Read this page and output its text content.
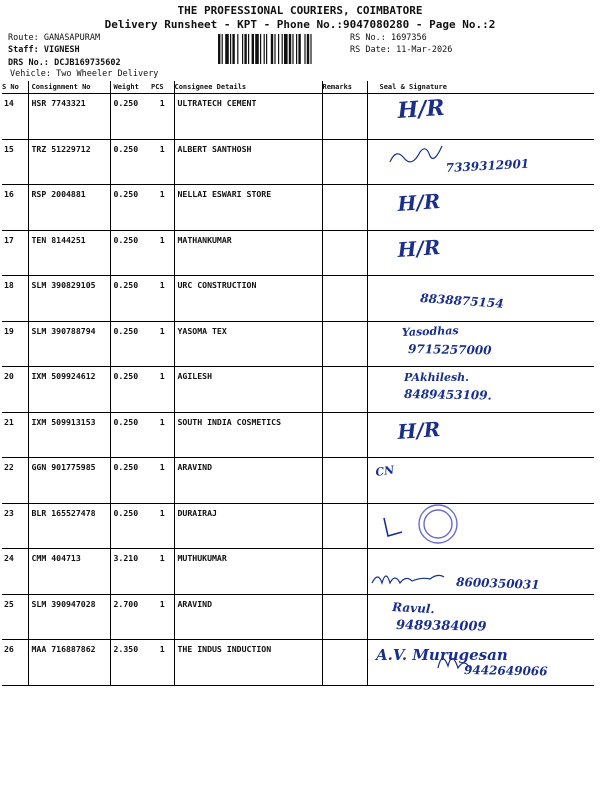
THE PROFESSIONAL COURIERS, COIMBATORE
Delivery Runsheet - KPT - Phone No.:9047080280 - Page No.:2
Route: GANASAPURAM
Staff: VIGNESH
DRS No.: DCJB169735602
Vehicle: Two Wheeler Delivery
RS No.: 1697356
RS Date: 11-Mar-2026
S No	Consignment No	Weight	PCS	Consignee Details	Remarks	Seal & Signature
14	HSR 7743321	0.250	1	ULTRATECH CEMENT		H/R

15	TRZ 51229712	0.250	1	ALBERT SANTHOSH		7339312901

16	RSP 2004881	0.250	1	NELLAI ESWARI STORE		H/R

17	TEN 8144251	0.250	1	MATHANKUMAR		H/R

18	SLM 390829105	0.250	1	URC CONSTRUCTION		8838875154

19	SLM 390788794	0.250	1	YASOMA TEX		Yasodhas
9715257000

20	IXM 509924612	0.250	1	AGILESH		PAkhilesh.
8489453109.

21	IXM 509913153	0.250	1	SOUTH INDIA COSMETICS		H/R

22	GGN 901775985	0.250	1	ARAVIND		CN

23	BLR 165527478	0.250	1	DURAIRAJ		

24	CMM 404713	3.210	1	MUTHUKUMAR		8600350031

25	SLM 390947028	2.700	1	ARAVIND		Ravul.
9489384009

26	MAA 716887862	2.350	1	THE INDUS INDUCTION		A.V. Murugesan
9442649066
